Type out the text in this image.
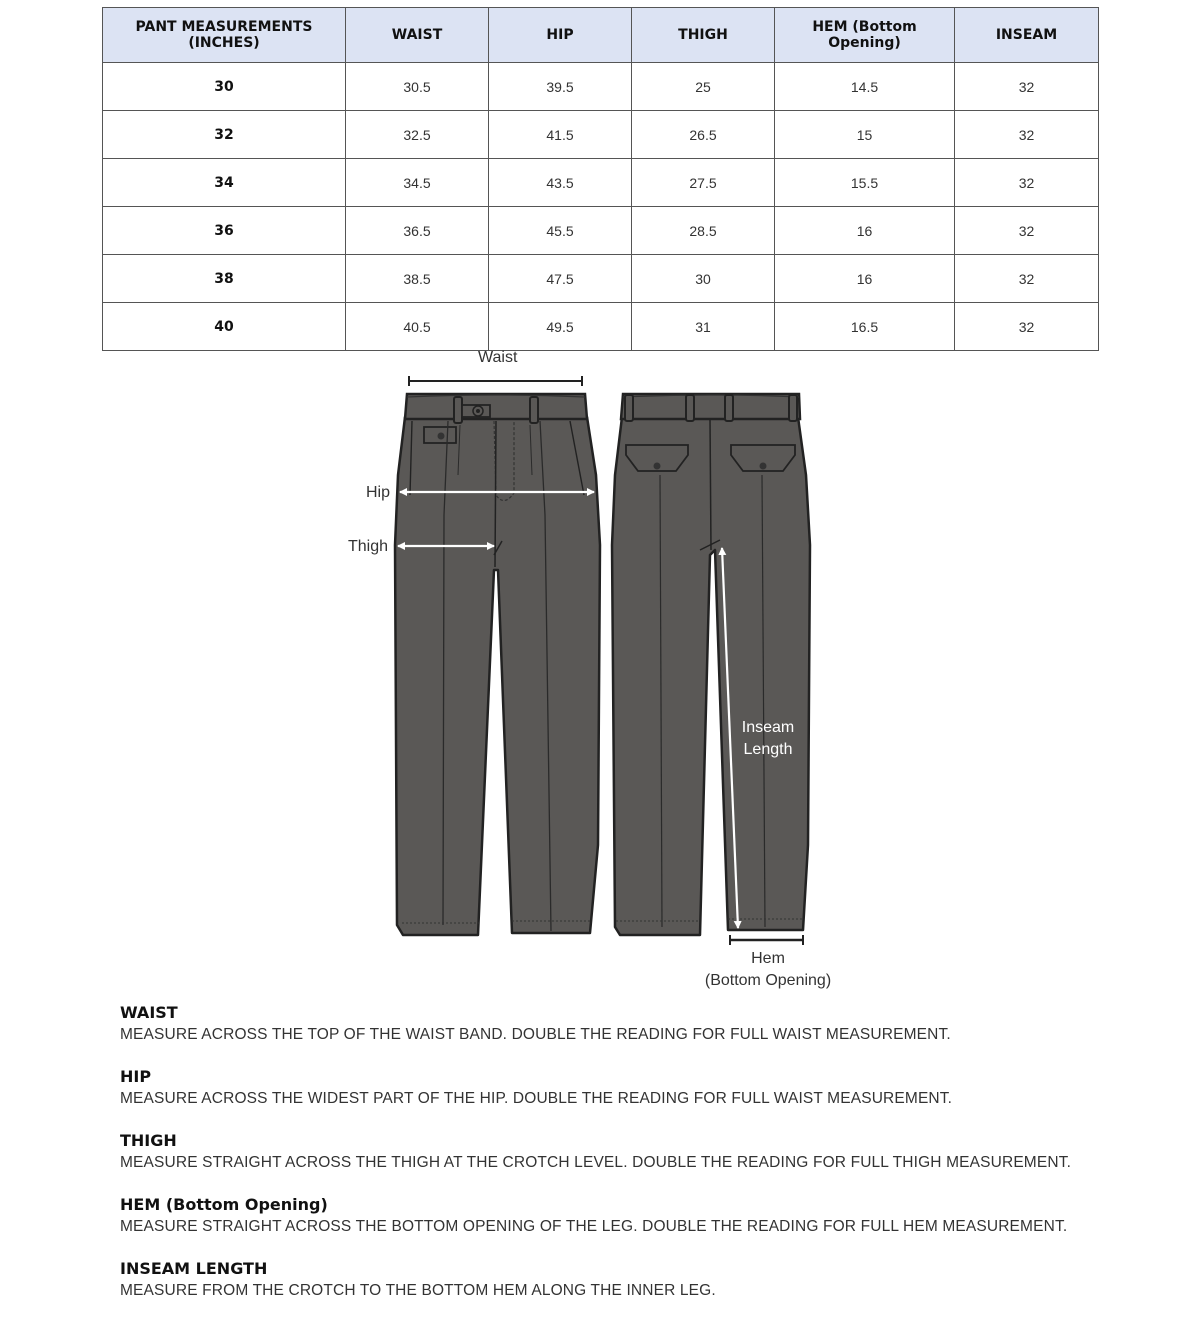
PANT MEASUREMENTS (INCHES)	WAIST	HIP	THIGH	HEM (Bottom Opening)	INSEAM
30	30.5	39.5	25	14.5	32
32	32.5	41.5	26.5	15	32
34	34.5	43.5	27.5	15.5	32
36	36.5	45.5	28.5	16	32
38	38.5	47.5	30	16	32
40	40.5	49.5	31	16.5	32
Waist
Hip
Thigh
Inseam
Length
Hem
(Bottom Opening)
WAIST
MEASURE ACROSS THE TOP OF THE WAIST BAND. DOUBLE THE READING FOR FULL WAIST MEASUREMENT.
HIP
MEASURE ACROSS THE WIDEST PART OF THE HIP. DOUBLE THE READING FOR FULL WAIST MEASUREMENT.
THIGH
MEASURE STRAIGHT ACROSS THE THIGH AT THE CROTCH LEVEL. DOUBLE THE READING FOR FULL THIGH MEASUREMENT.
HEM (Bottom Opening)
MEASURE STRAIGHT ACROSS THE BOTTOM OPENING OF THE LEG. DOUBLE THE READING FOR FULL HEM MEASUREMENT.
INSEAM LENGTH
MEASURE FROM THE CROTCH TO THE BOTTOM HEM ALONG THE INNER LEG.
